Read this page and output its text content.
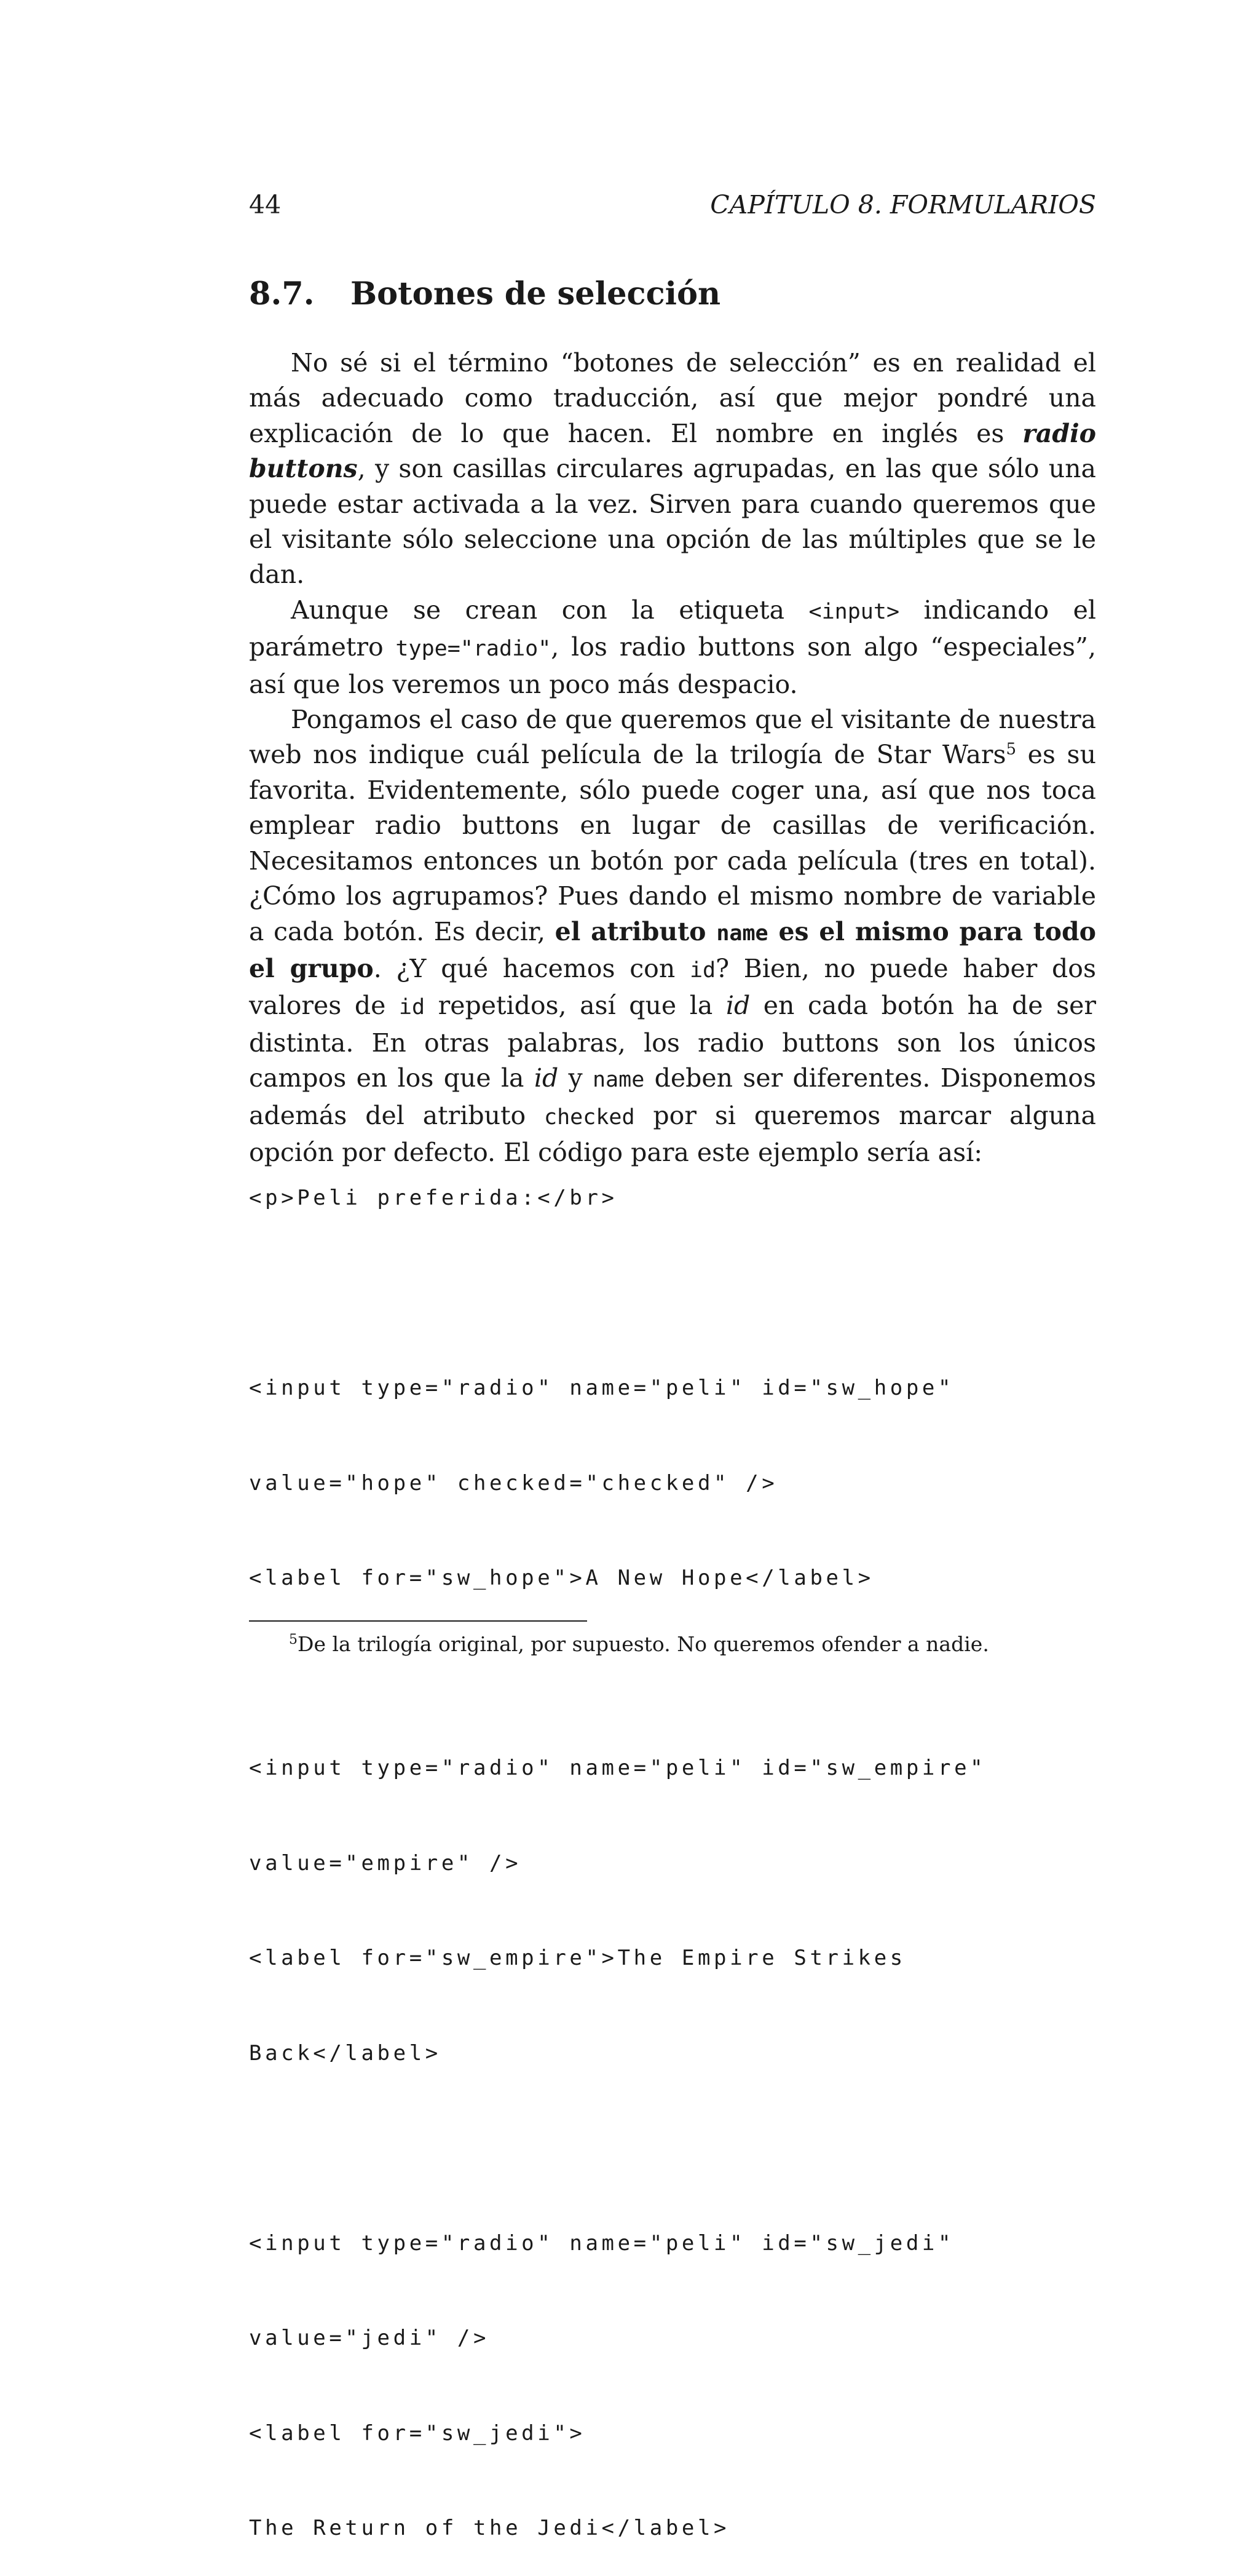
44	CAPÍTULO 8. FORMULARIOS
8.7. Botones de selección

No sé si el término “botones de selección” es en realidad el más adecuado como traducción, así que mejor pondré una explicación de lo que hacen. El nombre en inglés es radio buttons, y son casillas circulares agrupadas, en las que sólo una puede estar activada a la vez. Sirven para cuando queremos que el visitante sólo seleccione una opción de las múltiples que se le dan.

Aunque se crean con la etiqueta <input> indicando el parámetro type="radio", los radio buttons son algo “especiales”, así que los veremos un poco más despacio.

Pongamos el caso de que queremos que el visitante de nuestra web nos indique cuál película de la trilogía de Star Wars$^5$ es su favorita. Evidentemente, sólo puede coger una, así que nos toca emplear radio buttons en lugar de casillas de verificación. Necesitamos entonces un botón por cada película (tres en total). ¿Cómo los agrupamos? Pues dando el mismo nombre de variable a cada botón. Es decir, el atributo name es el mismo para todo el grupo. ¿Y qué hacemos con id? Bien, no puede haber dos valores de id repetidos, así que la id en cada botón ha de ser distinta. En otras palabras, los radio buttons son los únicos campos en los que la id y name deben ser diferentes. Disponemos además del atributo checked por si queremos marcar alguna opción por defecto. El código para este ejemplo sería así:

<p>Peli preferida:</br>

<input type="radio" name="peli" id="sw_hope"

value="hope" checked="checked" />

<label for="sw_hope">A New Hope</label>

<input type="radio" name="peli" id="sw_empire"

value="empire" />

<label for="sw_empire">The Empire Strikes

Back</label>

<input type="radio" name="peli" id="sw_jedi"

value="jedi" />

<label for="sw_jedi">

The Return of the Jedi</label>

$^5$De la trilogía original, por supuesto. No queremos ofender a nadie.
